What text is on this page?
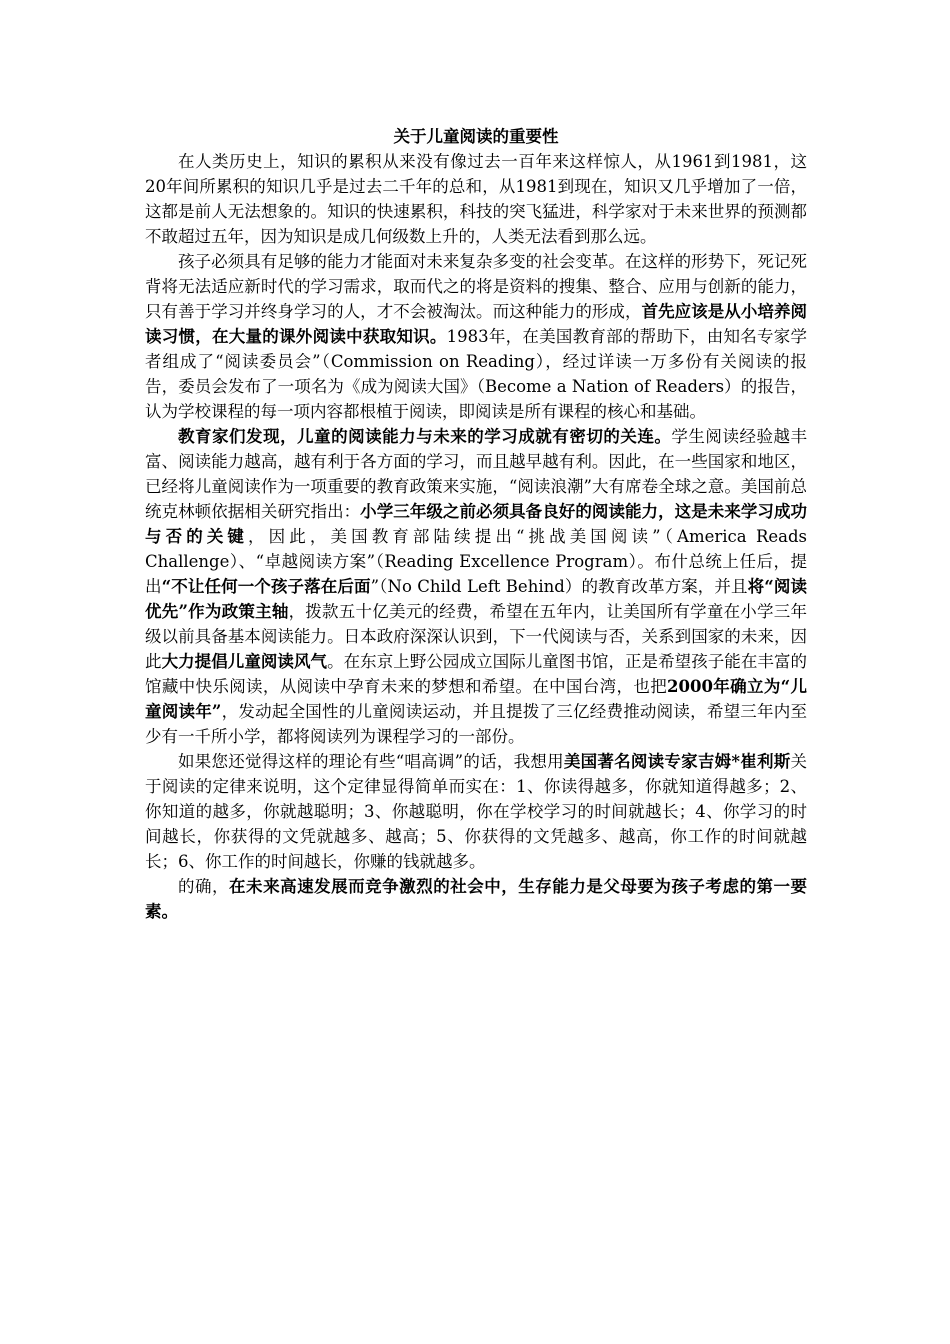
关于儿童阅读的重要性

在人类历史上，知识的累积从来没有像过去一百年来这样惊人，从1961到1981，这20年间所累积的知识几乎是过去二千年的总和，从1981到现在，知识又几乎增加了一倍，这都是前人无法想象的。知识的快速累积，科技的突飞猛进，科学家对于未来世界的预测都不敢超过五年，因为知识是成几何级数上升的，人类无法看到那么远。

孩子必须具有足够的能力才能面对未来复杂多变的社会变革。在这样的形势下，死记死背将无法适应新时代的学习需求，取而代之的将是资料的搜集、整合、应用与创新的能力，只有善于学习并终身学习的人，才不会被淘汰。而这种能力的形成，首先应该是从小培养阅读习惯，在大量的课外阅读中获取知识。1983年，在美国教育部的帮助下，由知名专家学者组成了“阅读委员会”（Commission on Reading），经过详读一万多份有关阅读的报告，委员会发布了一项名为《成为阅读大国》（Become a Nation of Readers）的报告，认为学校课程的每一项内容都根植于阅读，即阅读是所有课程的核心和基础。

教育家们发现，儿童的阅读能力与未来的学习成就有密切的关连。学生阅读经验越丰富、阅读能力越高，越有利于各方面的学习，而且越早越有利。因此，在一些国家和地区，已经将儿童阅读作为一项重要的教育政策来实施，“阅读浪潮”大有席卷全球之意。美国前总统克林顿依据相关研究指出：小学三年级之前必须具备良好的阅读能力，这是未来学习成功与否的关键，因此，美国教育部陆续提出“挑战美国阅读”（America Reads Challenge）、“卓越阅读方案”（Reading Excellence Program）。布什总统上任后，提出“不让任何一个孩子落在后面”（No Child Left Behind）的教育改革方案，并且将“阅读优先”作为政策主轴，拨款五十亿美元的经费，希望在五年内，让美国所有学童在小学三年级以前具备基本阅读能力。日本政府深深认识到，下一代阅读与否，关系到国家的未来，因此大力提倡儿童阅读风气。在东京上野公园成立国际儿童图书馆，正是希望孩子能在丰富的馆藏中快乐阅读，从阅读中孕育未来的梦想和希望。在中国台湾，也把2000年确立为“儿童阅读年”，发动起全国性的儿童阅读运动，并且提拨了三亿经费推动阅读，希望三年内至少有一千所小学，都将阅读列为课程学习的一部份。

如果您还觉得这样的理论有些“唱高调”的话，我想用美国著名阅读专家吉姆*崔利斯关于阅读的定律来说明，这个定律显得简单而实在：1、你读得越多，你就知道得越多；2、你知道的越多，你就越聪明；3、你越聪明，你在学校学习的时间就越长；4、你学习的时间越长，你获得的文凭就越多、越高；5、你获得的文凭越多、越高，你工作的时间就越长；6、你工作的时间越长，你赚的钱就越多。

的确，在未来高速发展而竞争激烈的社会中，生存能力是父母要为孩子考虑的第一要素。
